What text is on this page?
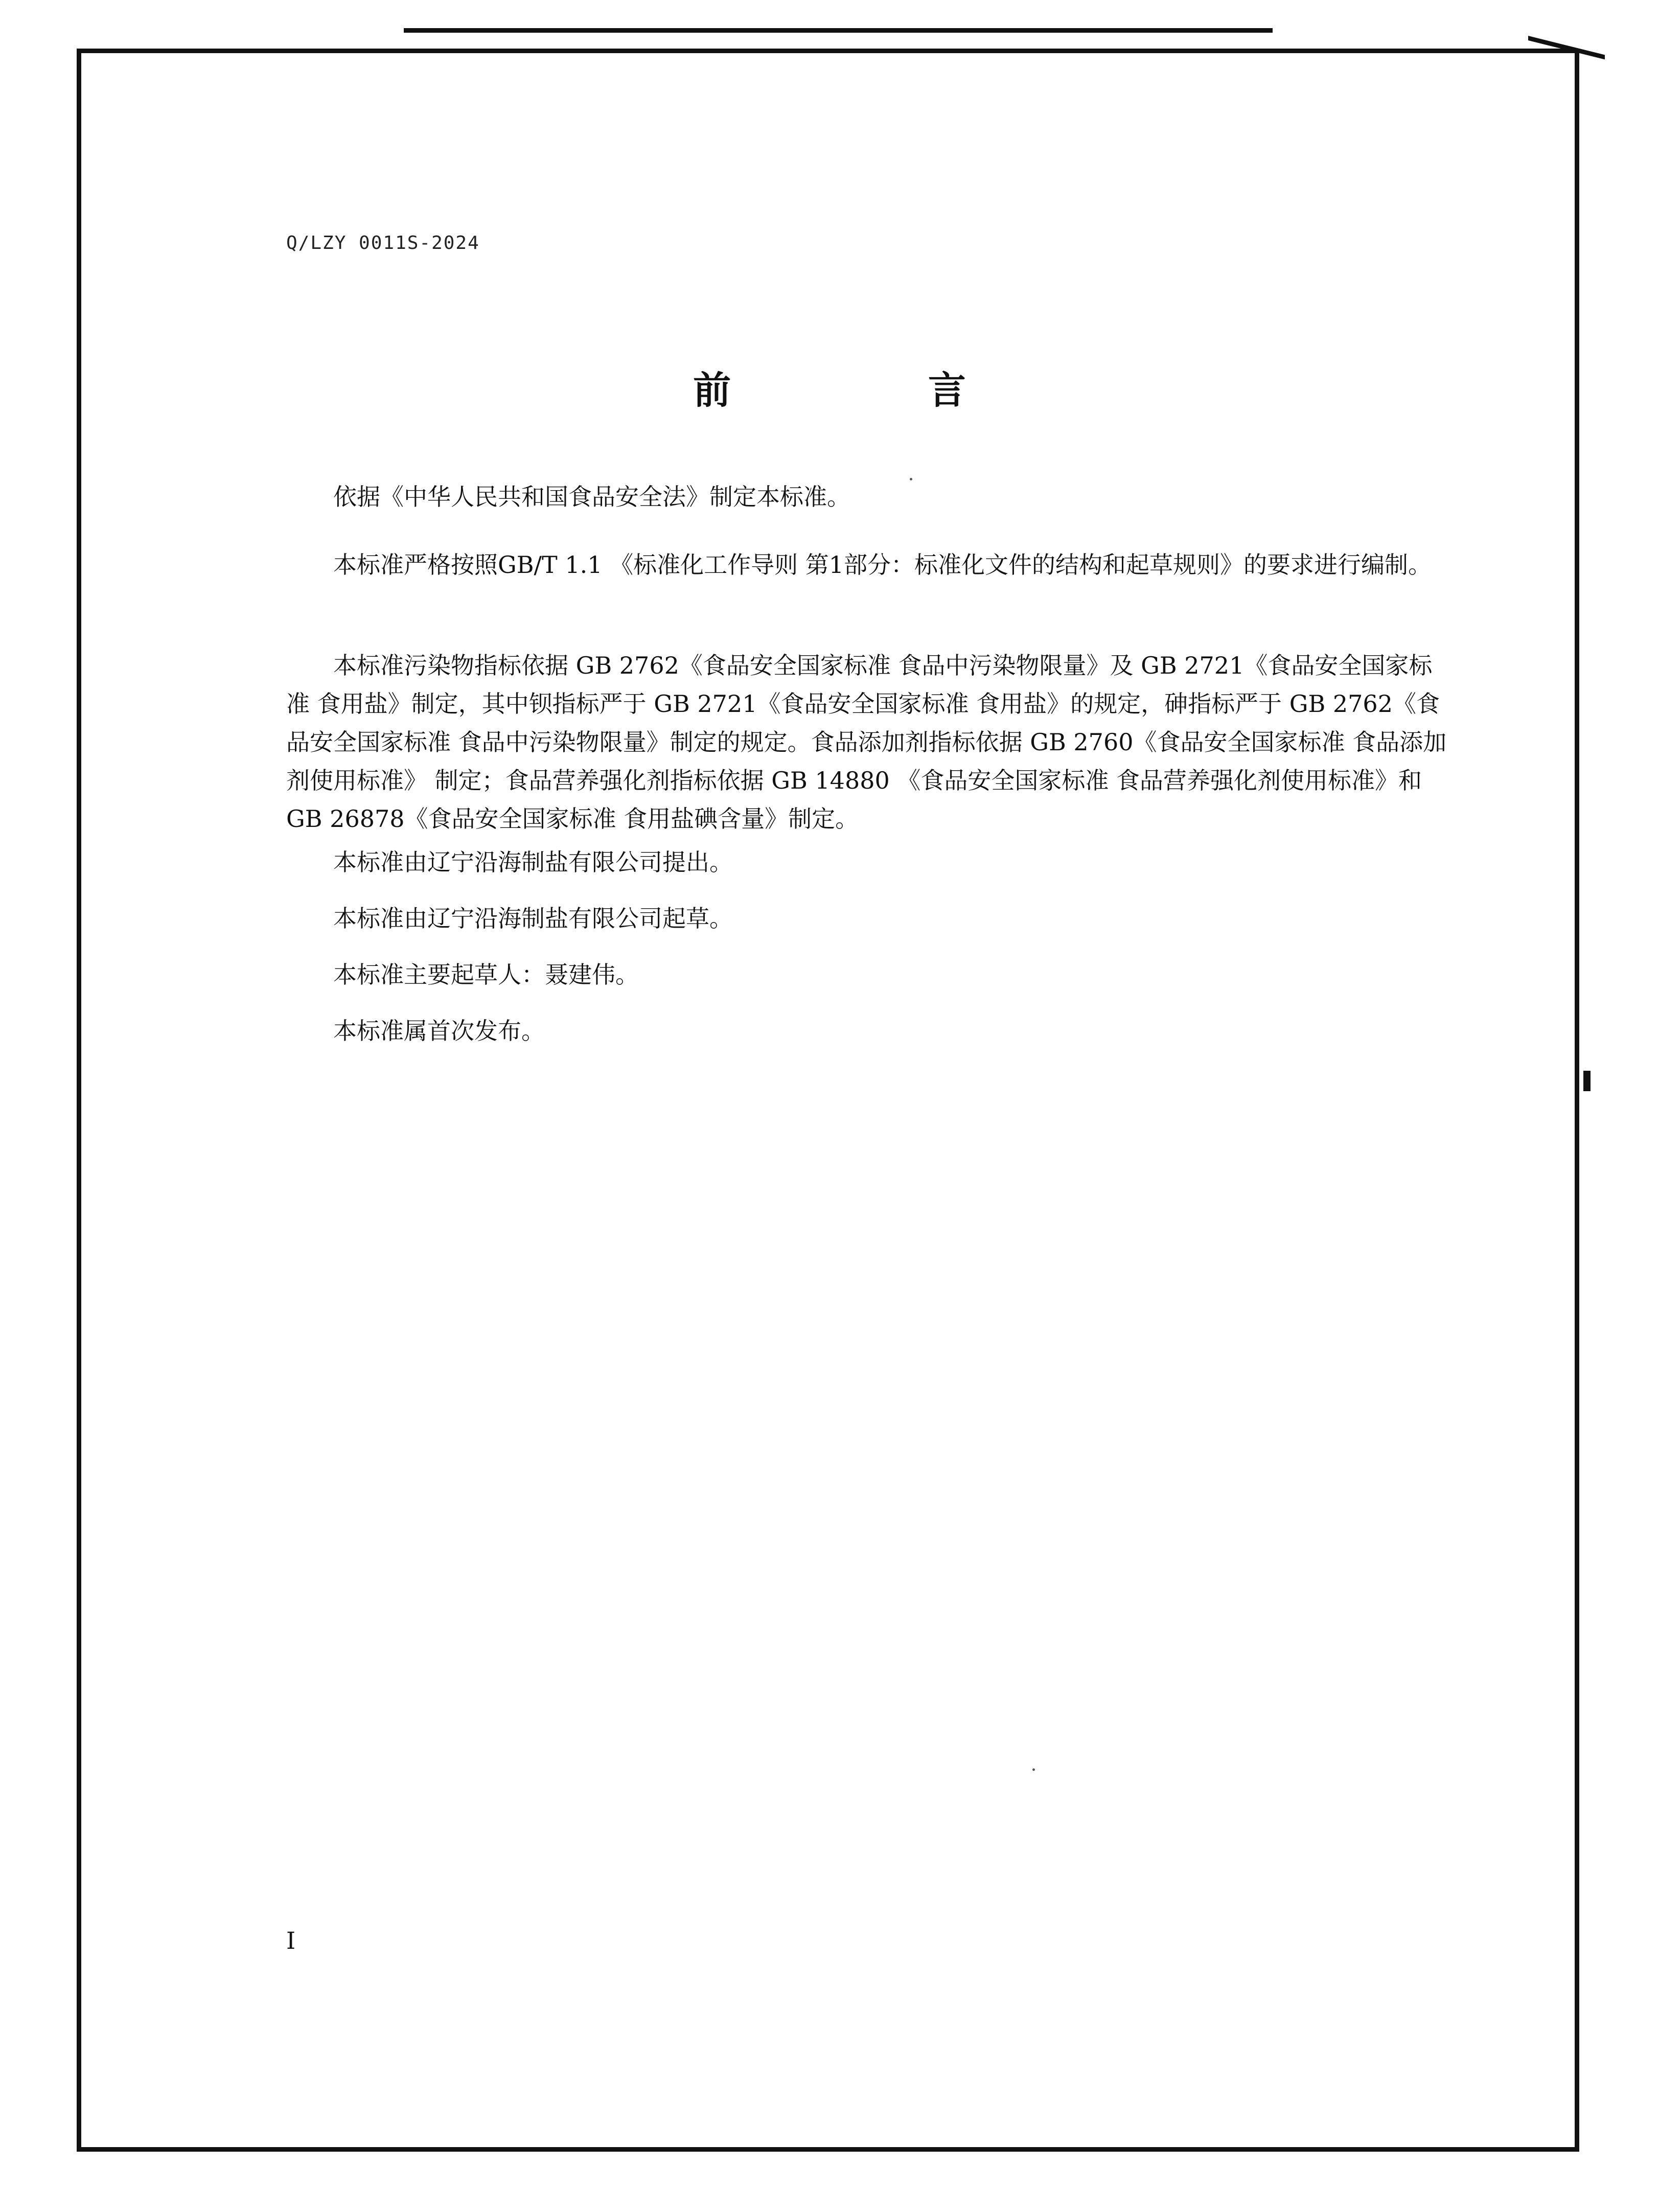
Q/LZY 0011S-2024
前 言

依据《中华人民共和国食品安全法》制定本标准。

本标准严格按照GB/T 1.1 《标准化工作导则 第1部分：标准化文件的结构和起草规则》的要求进行编制。

本标准污染物指标依据 GB 2762《食品安全国家标准 食品中污染物限量》及 GB 2721《食品安全国家标准 食用盐》制定，其中钡指标严于 GB 2721《食品安全国家标准 食用盐》的规定，砷指标严于 GB 2762《食品安全国家标准 食品中污染物限量》制定的规定。食品添加剂指标依据 GB 2760《食品安全国家标准 食品添加剂使用标准》 制定；食品营养强化剂指标依据 GB 14880 《食品安全国家标准 食品营养强化剂使用标准》和 GB 26878《食品安全国家标准 食用盐碘含量》制定。

本标准由辽宁沿海制盐有限公司提出。

本标准由辽宁沿海制盐有限公司起草。

本标准主要起草人：聂建伟。

本标准属首次发布。

I
